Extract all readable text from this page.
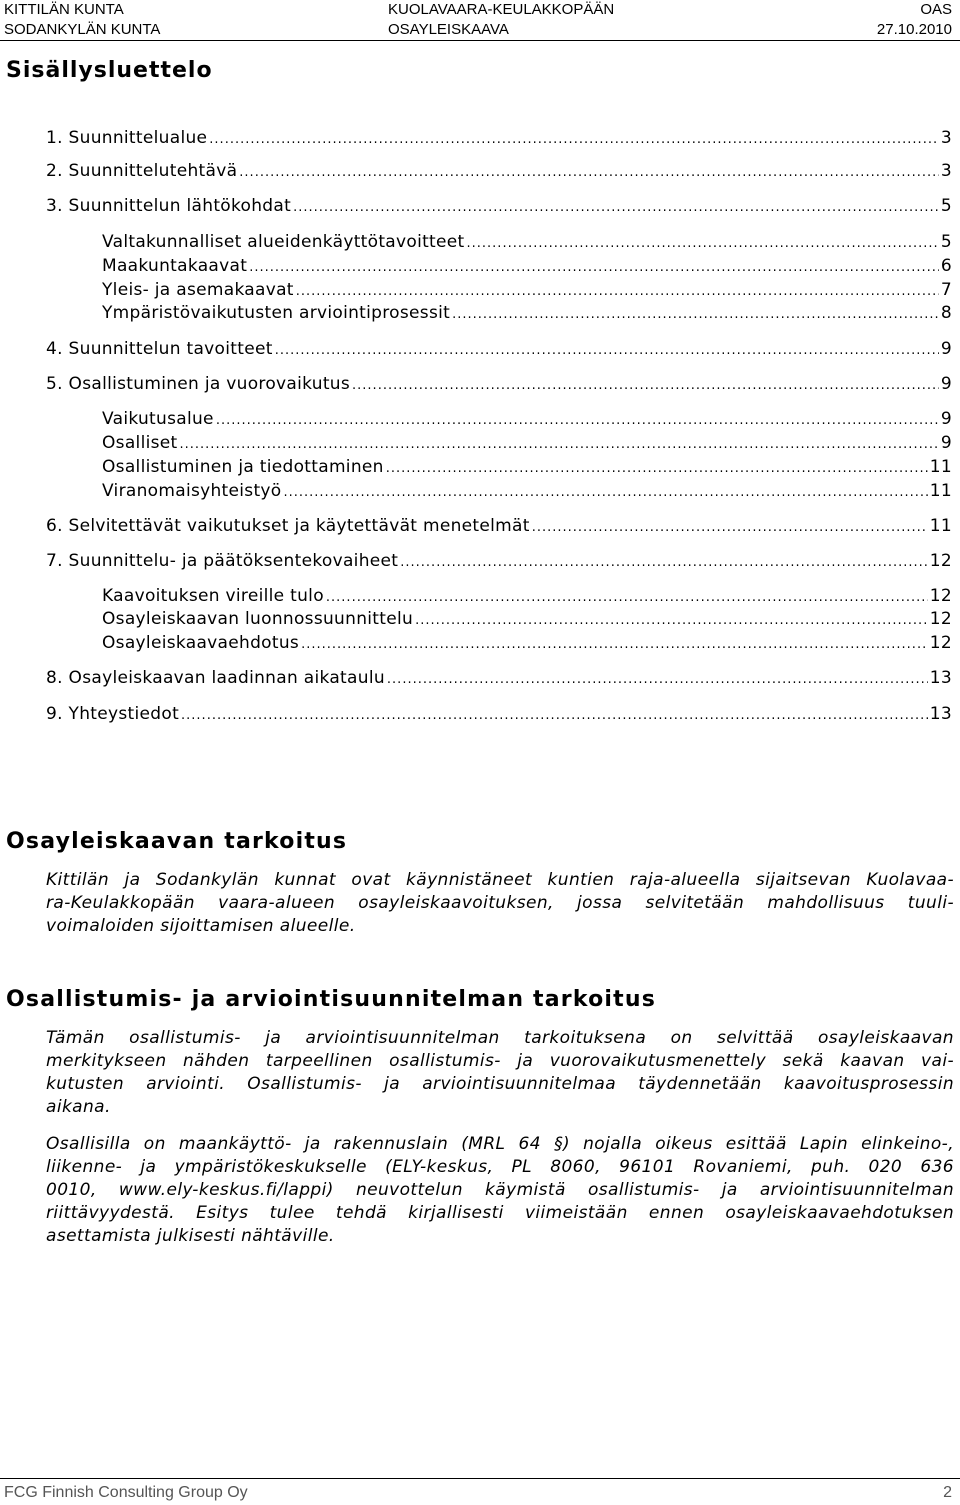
KITTILÄN KUNTA
SODANKYLÄN KUNTA
KUOLAVAARA-KEULAKKOPÄÄN
OSAYLEISKAAVA
OAS
27.10.2010
Sisällysluettelo
1. Suunnittelualue .....	3
2. Suunnittelutehtävä .....	3
3. Suunnittelun lähtökohdat .....	5
Valtakunnalliset alueidenkäyttötavoitteet .....	5
Maakuntakaavat .....	6
Yleis- ja asemakaavat .....	7
Ympäristövaikutusten arviointiprosessit .....	8
4. Suunnittelun tavoitteet .....	9
5. Osallistuminen ja vuorovaikutus .....	9
Vaikutusalue .....	9
Osalliset .....	9
Osallistuminen ja tiedottaminen .....	11
Viranomaisyhteistyö .....	11
6. Selvitettävät vaikutukset ja käytettävät menetelmät .....	11
7. Suunnittelu- ja päätöksentekovaiheet .....	12
Kaavoituksen vireille tulo .....	12
Osayleiskaavan luonnossuunnittelu .....	12
Osayleiskaavaehdotus .....	12
8. Osayleiskaavan laadinnan aikataulu .....	13
9. Yhteystiedot .....	13
Osayleiskaavan tarkoitus

Kittilän ja Sodankylän kunnat ovat käynnistäneet kuntien raja-alueella sijaitsevan Kuolavaa-
ra-Keulakkopään vaara-alueen osayleiskaavoituksen, jossa selvitetään mahdollisuus tuuli-
voimaloiden sijoittamisen alueelle.

Osallistumis- ja arviointisuunnitelman tarkoitus

Tämän osallistumis- ja arviointisuunnitelman tarkoituksena on selvittää osayleiskaavan
merkitykseen nähden tarpeellinen osallistumis- ja vuorovaikutusmenettely sekä kaavan vai-
kutusten arviointi. Osallistumis- ja arviointisuunnitelmaa täydennetään kaavoitusprosessin
aikana.

Osallisilla on maankäyttö- ja rakennuslain (MRL 64 §) nojalla oikeus esittää Lapin elinkeino-,
liikenne- ja ympäristökeskukselle (ELY-keskus, PL 8060, 96101 Rovaniemi, puh. 020 636
0010, www.ely-keskus.fi/lappi) neuvottelun käymistä osallistumis- ja arviointisuunnitelman
riittävyydestä. Esitys tulee tehdä kirjallisesti viimeistään ennen osayleiskaavaehdotuksen
asettamista julkisesti nähtäville.

FCG Finnish Consulting Group Oy	2
